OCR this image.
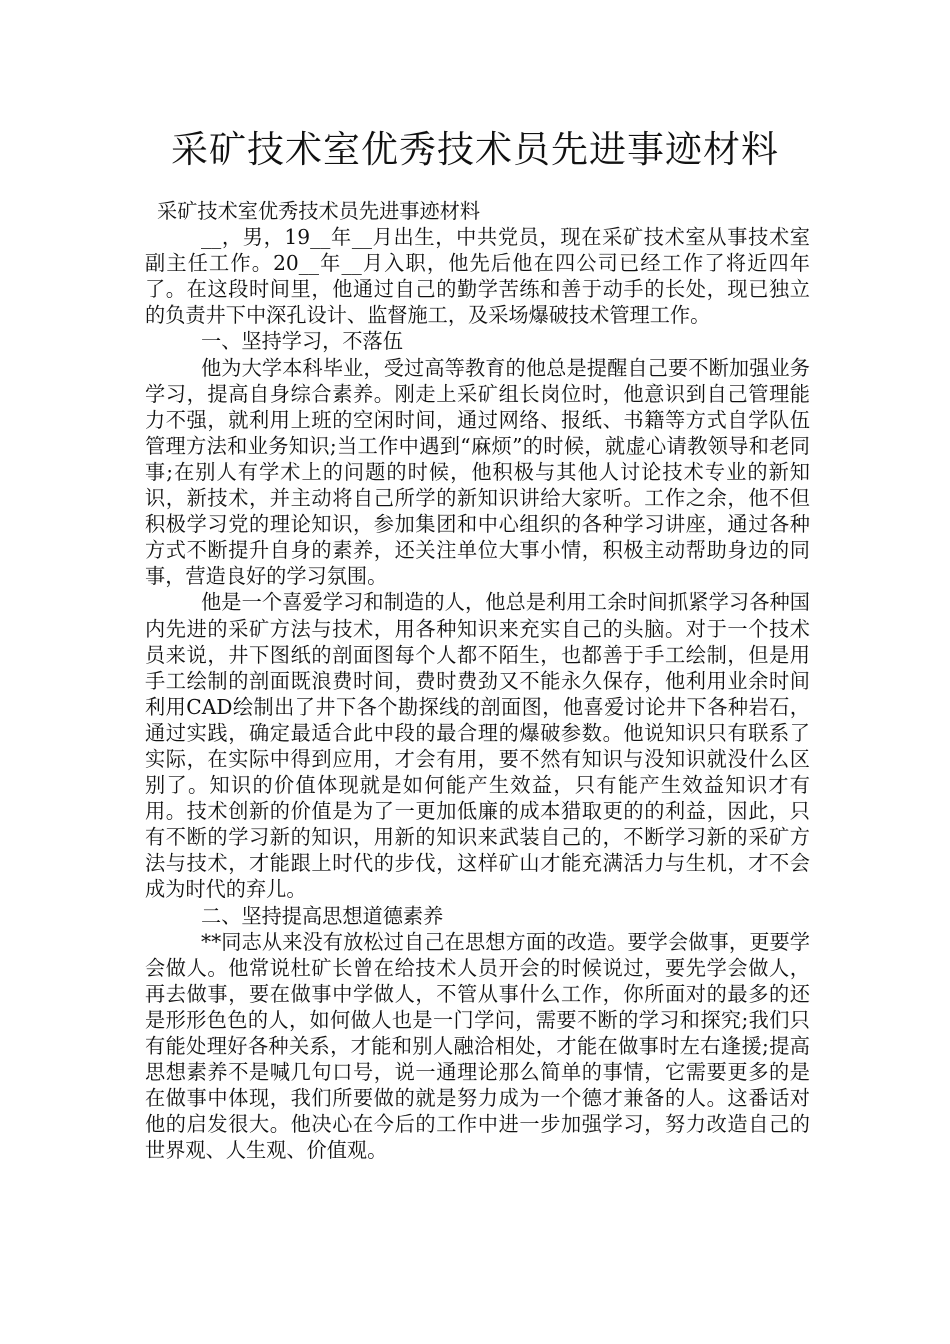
采矿技术室优秀技术员先进事迹材料

采矿技术室优秀技术员先进事迹材料

__，男，19__年__月出生，中共党员，现在采矿技术室从事技术室副主任工作。20__年__月入职，他先后他在四公司已经工作了将近四年了。在这段时间里，他通过自己的勤学苦练和善于动手的长处，现已独立的负责井下中深孔设计、监督施工，及采场爆破技术管理工作。

一、坚持学习，不落伍

他为大学本科毕业，受过高等教育的他总是提醒自己要不断加强业务学习，提高自身综合素养。刚走上采矿组长岗位时，他意识到自己管理能力不强，就利用上班的空闲时间，通过网络、报纸、书籍等方式自学队伍管理方法和业务知识;当工作中遇到“麻烦”的时候，就虚心请教领导和老同事;在别人有学术上的问题的时候，他积极与其他人讨论技术专业的新知识，新技术，并主动将自己所学的新知识讲给大家听。工作之余，他不但积极学习党的理论知识，参加集团和中心组织的各种学习讲座，通过各种方式不断提升自身的素养，还关注单位大事小情，积极主动帮助身边的同事，营造良好的学习氛围。

他是一个喜爱学习和制造的人，他总是利用工余时间抓紧学习各种国内先进的采矿方法与技术，用各种知识来充实自己的头脑。对于一个技术员来说，井下图纸的剖面图每个人都不陌生，也都善于手工绘制，但是用手工绘制的剖面既浪费时间，费时费劲又不能永久保存，他利用业余时间利用CAD绘制出了井下各个勘探线的剖面图，他喜爱讨论井下各种岩石，通过实践，确定最适合此中段的最合理的爆破参数。他说知识只有联系了实际，在实际中得到应用，才会有用，要不然有知识与没知识就没什么区别了。知识的价值体现就是如何能产生效益，只有能产生效益知识才有用。技术创新的价值是为了一更加低廉的成本猎取更的的利益，因此，只有不断的学习新的知识，用新的知识来武装自己的，不断学习新的采矿方法与技术，才能跟上时代的步伐，这样矿山才能充满活力与生机，才不会成为时代的弃儿。

二、坚持提高思想道德素养

**同志从来没有放松过自己在思想方面的改造。要学会做事，更要学会做人。他常说杜矿长曾在给技术人员开会的时候说过，要先学会做人，再去做事，要在做事中学做人，不管从事什么工作，你所面对的最多的还是形形色色的人，如何做人也是一门学问，需要不断的学习和探究;我们只有能处理好各种关系，才能和别人融洽相处，才能在做事时左右逢援;提高思想素养不是喊几句口号，说一通理论那么简单的事情，它需要更多的是在做事中体现，我们所要做的就是努力成为一个德才兼备的人。这番话对他的启发很大。他决心在今后的工作中进一步加强学习，努力改造自己的世界观、人生观、价值观。
